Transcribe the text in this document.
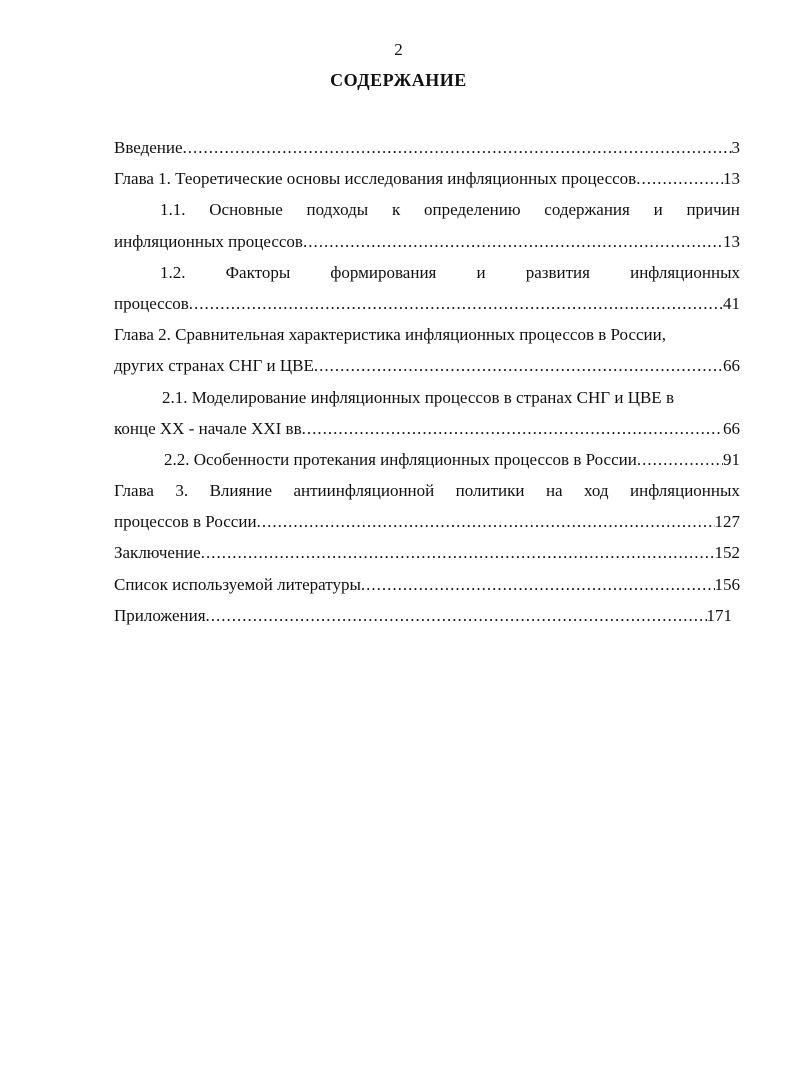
2
СОДЕРЖАНИЕ
Введение .....	3
Глава 1. Теоретические основы исследования инфляционных процессов .....	13
1.1. Основные подходы к определению содержания и причин
инфляционных процессов .....	13
1.2. Факторы формирования и развития инфляционных
процессов .....	41
Глава 2. Сравнительная характеристика инфляционных процессов в России,
других странах СНГ и ЦВЕ .....	66
2.1. Моделирование инфляционных процессов в странах СНГ и ЦВЕ в
конце XX - начале XXI вв .....	66
2.2. Особенности протекания инфляционных процессов в России .....	91
Глава 3. Влияние антиинфляционной политики на ход инфляционных
процессов в России .....	127
Заключение .....	152
Список используемой литературы .....	156
Приложения .....	171
